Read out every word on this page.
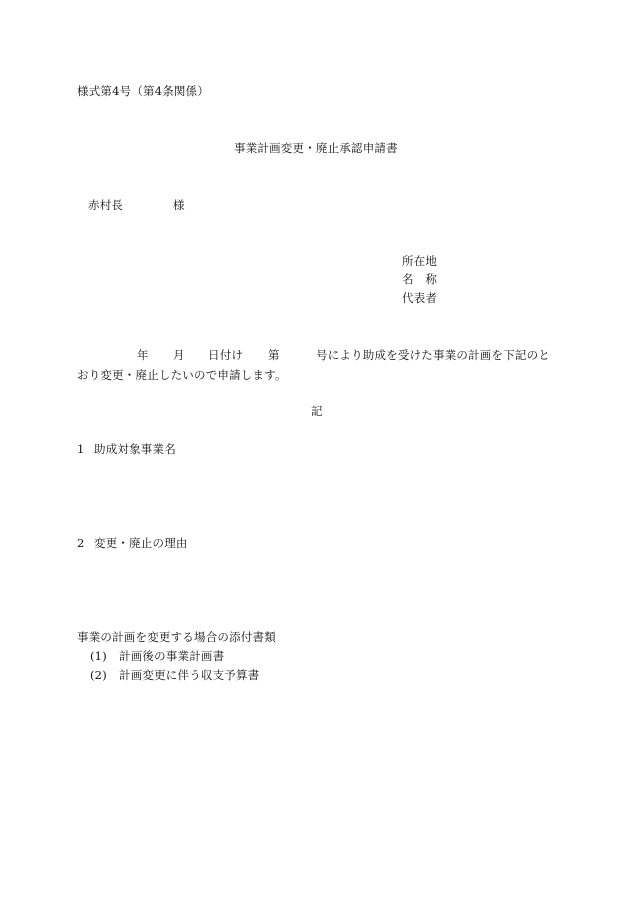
様式第4号（第4条関係）
事業計画変更・廃止承認申請書
赤村長	様
所在地
名　称
代表者
年 月 日付け 第	号により助成を受けた事業の計画を下記のと
おり変更・廃止したいので申請します。
記
1 助成対象事業名
2 変更・廃止の理由
事業の計画を変更する場合の添付書類
(1) 計画後の事業計画書
(2) 計画変更に伴う収支予算書
